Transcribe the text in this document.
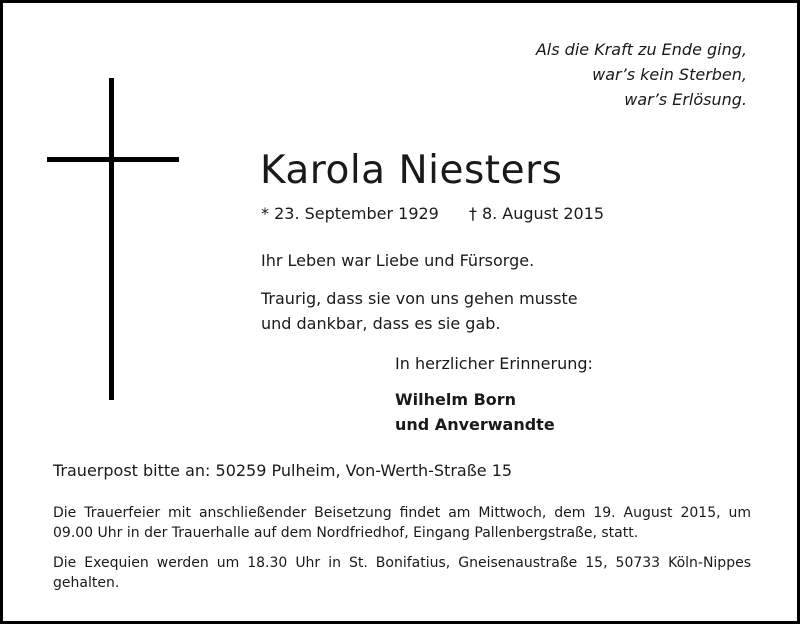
Als die Kraft zu Ende ging,
war’s kein Sterben,
war’s Erlösung.
Karola Niesters
* 23. September 1929 † 8. August 2015
Ihr Leben war Liebe und Fürsorge.
Traurig, dass sie von uns gehen musste
und dankbar, dass es sie gab.
In herzlicher Erinnerung:
Wilhelm Born
und Anverwandte
Trauerpost bitte an: 50259 Pulheim, Von-Werth-Straße 15
Die Trauerfeier mit anschließender Beisetzung findet am Mittwoch, dem 19. August 2015, um 09.00 Uhr in der Trauerhalle auf dem Nordfriedhof, Eingang Pallenbergstraße, statt.
Die Exequien werden um 18.30 Uhr in St. Bonifatius, Gneisenaustraße 15, 50733 Köln-Nippes gehalten.
